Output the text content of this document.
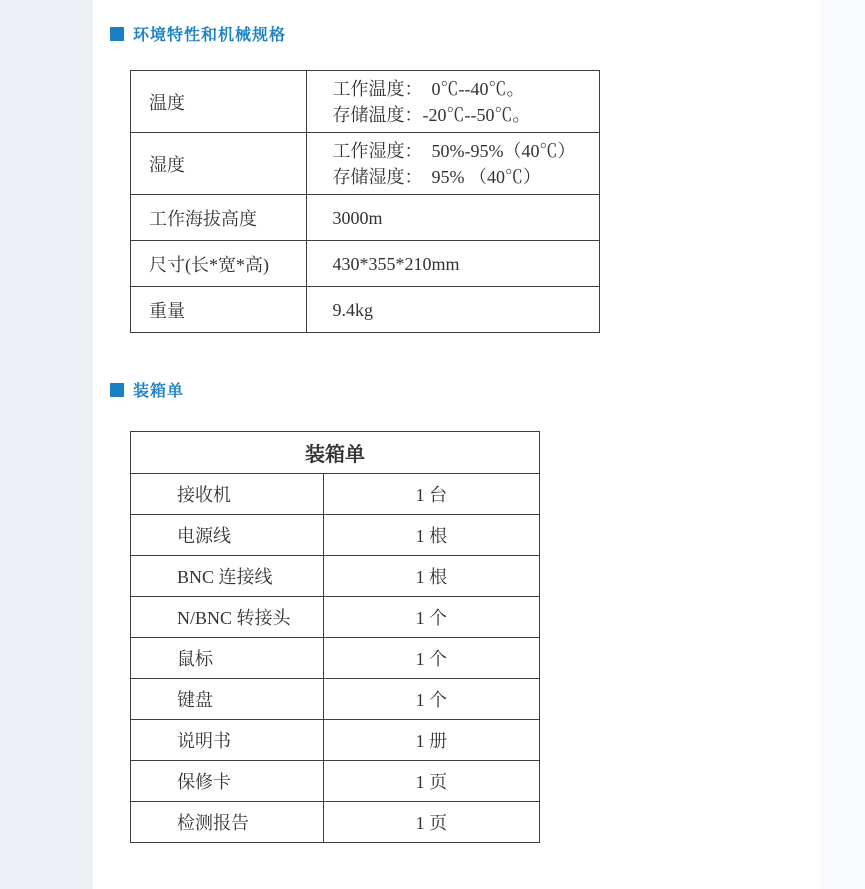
环境特性和机械规格
温度	工作温度：  0℃--40℃。
存储温度：-20℃--50℃。

湿度	工作湿度：  50%-95%（40℃）
存储湿度：  95% （40℃）

工作海拔高度	3000m

尺寸(长*宽*高)	430*355*210mm

重量	9.4kg
装箱单
装箱单	
接收机	1 台
电源线	1 根
BNC 连接线	1 根
N/BNC 转接头	1 个
鼠标	1 个
键盘	1 个
说明书	1 册
保修卡	1 页
检测报告	1 页
